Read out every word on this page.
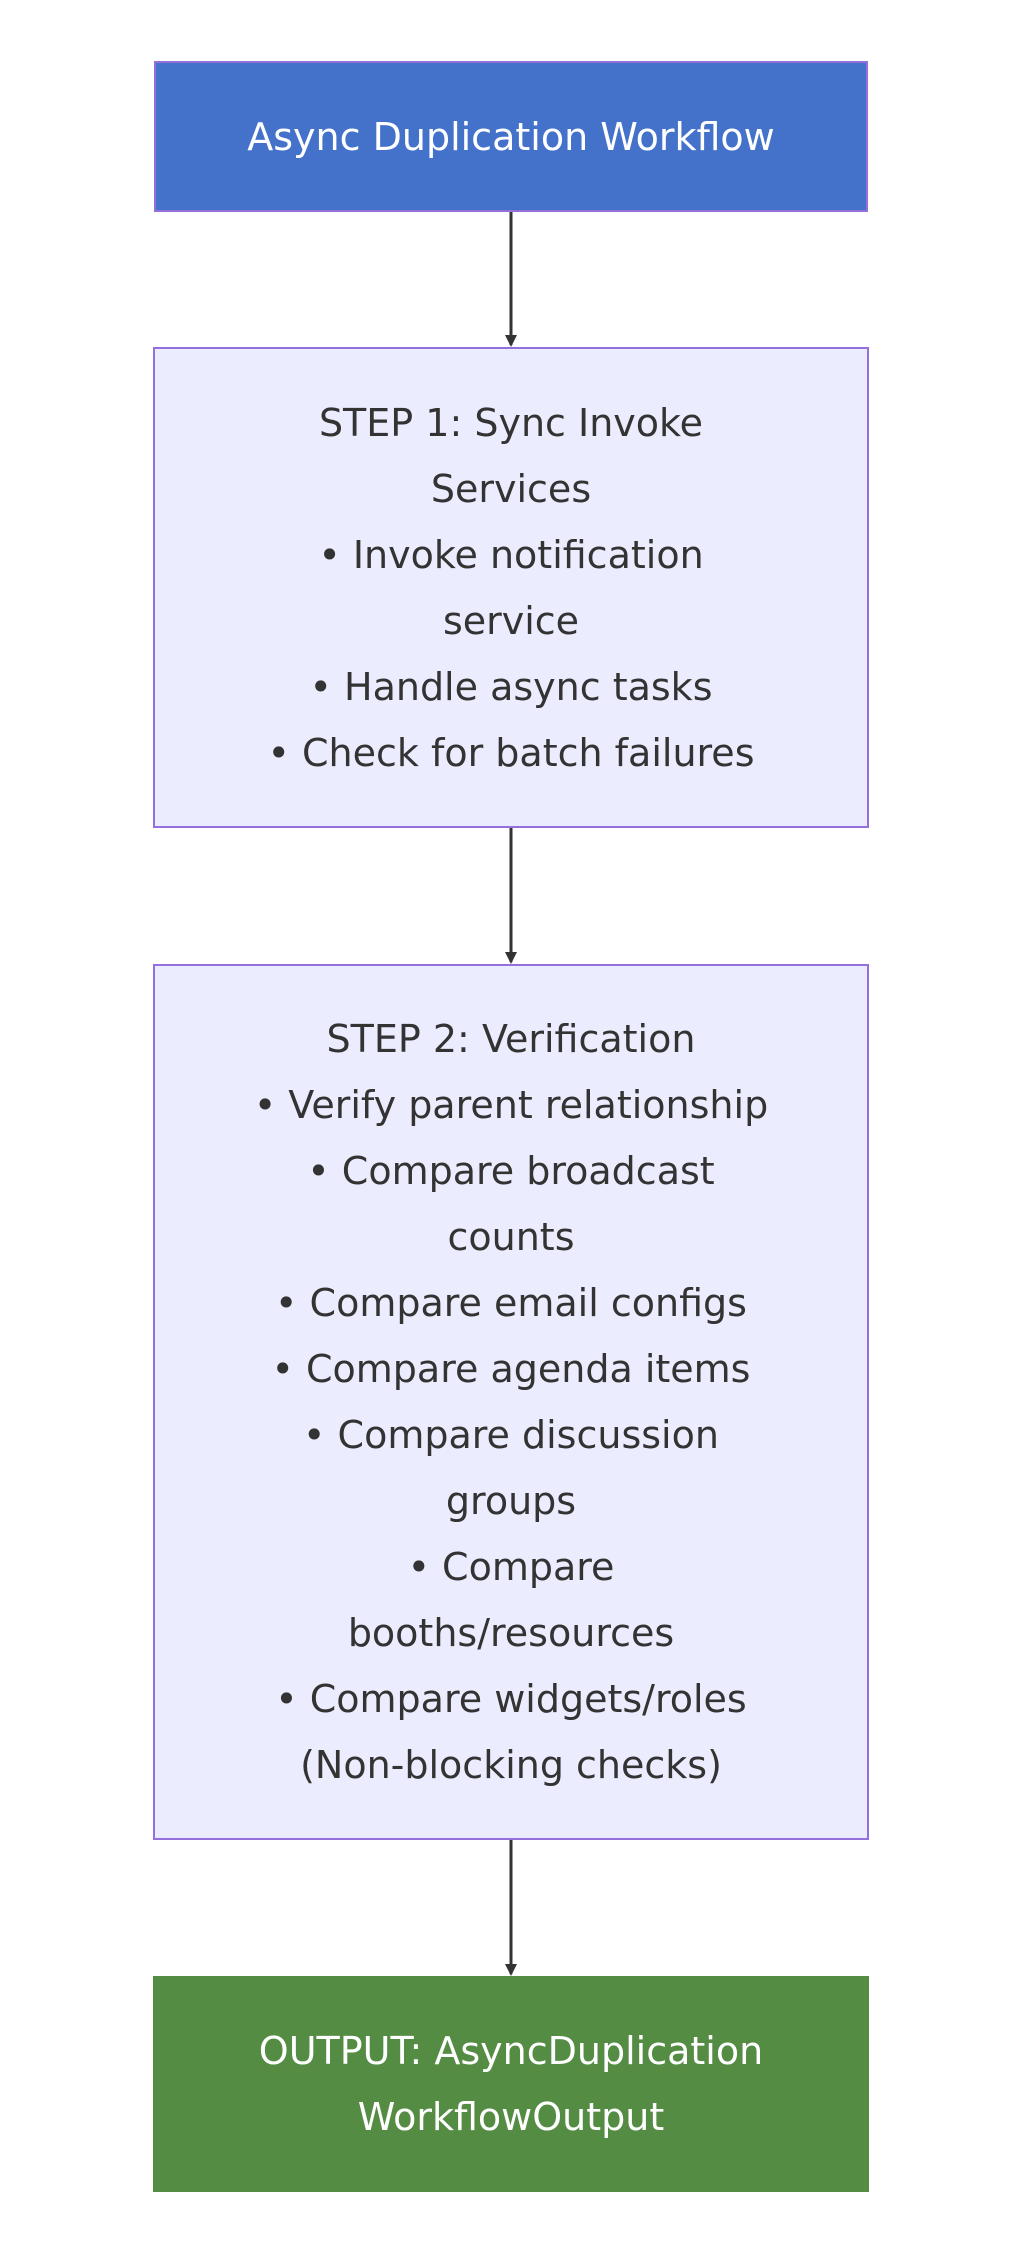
Async Duplication Workflow
STEP 1: Sync Invoke
Services
• Invoke notification
service
• Handle async tasks
• Check for batch failures
STEP 2: Verification
• Verify parent relationship
• Compare broadcast
counts
• Compare email configs
• Compare agenda items
• Compare discussion
groups
• Compare
booths/resources
• Compare widgets/roles
(Non-blocking checks)
OUTPUT: AsyncDuplication
WorkflowOutput
